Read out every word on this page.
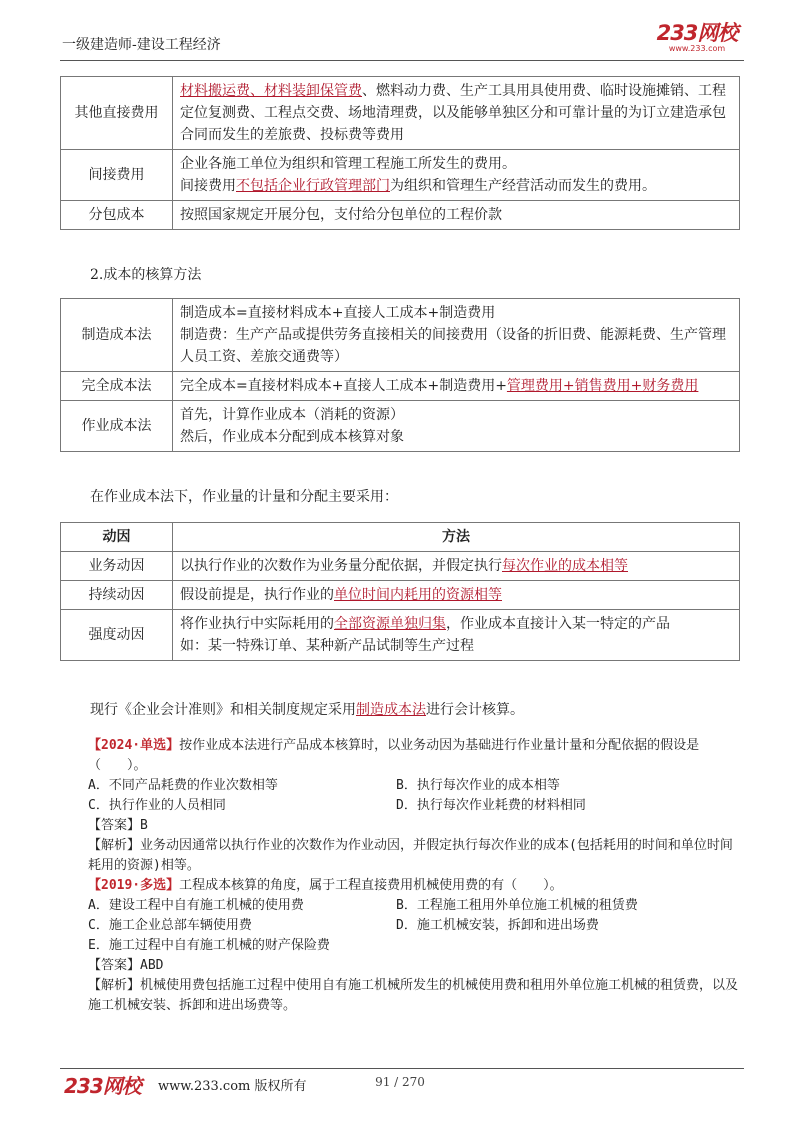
一级建造师-建设工程经济	233网校
www.233.com
其他直接费用	材料搬运费、材料装卸保管费、燃料动力费、生产工具用具使用费、临时设施摊销、工程定位复测费、工程点交费、场地清理费，以及能够单独区分和可靠计量的为订立建造承包合同而发生的差旅费、投标费等费用

间接费用	企业各施工单位为组织和管理工程施工所发生的费用。
间接费用不包括企业行政管理部门为组织和管理生产经营活动而发生的费用。

分包成本	按照国家规定开展分包，支付给分包单位的工程价款
2.成本的核算方法
制造成本法	制造成本=直接材料成本+直接人工成本+制造费用
制造费：生产产品或提供劳务直接相关的间接费用（设备的折旧费、能源耗费、生产管理人员工资、差旅交通费等）

完全成本法	完全成本=直接材料成本+直接人工成本+制造费用+管理费用+销售费用+财务费用

作业成本法	首先，计算作业成本（消耗的资源）
然后，作业成本分配到成本核算对象
在作业成本法下，作业量的计量和分配主要采用：
动因	方法
业务动因	以执行作业的次数作为业务量分配依据，并假定执行每次作业的成本相等

持续动因	假设前提是，执行作业的单位时间内耗用的资源相等

强度动因	将作业执行中实际耗用的全部资源单独归集，作业成本直接计入某一特定的产品
如：某一特殊订单、某种新产品试制等生产过程
现行《企业会计准则》和相关制度规定采用制造成本法进行会计核算。
【2024·单选】按作业成本法进行产品成本核算时，以业务动因为基础进行作业量计量和分配依据的假设是（　　）。
A．不同产品耗费的作业次数相等	B．执行每次作业的成本相等
C．执行作业的人员相同	D．执行每次作业耗费的材料相同
【答案】B
【解析】业务动因通常以执行作业的次数作为作业动因，并假定执行每次作业的成本(包括耗用的时间和单位时间耗用的资源)相等。
【2019·多选】工程成本核算的角度，属于工程直接费用机械使用费的有（　　）。
A．建设工程中自有施工机械的使用费	B．工程施工租用外单位施工机械的租赁费
C．施工企业总部车辆使用费	D．施工机械安装，拆卸和进出场费
E．施工过程中自有施工机械的财产保险费
【答案】ABD
【解析】机械使用费包括施工过程中使用自有施工机械所发生的机械使用费和租用外单位施工机械的租赁费，以及施工机械安装、拆卸和进出场费等。
233网校 www.233.com 版权所有	91 / 270
